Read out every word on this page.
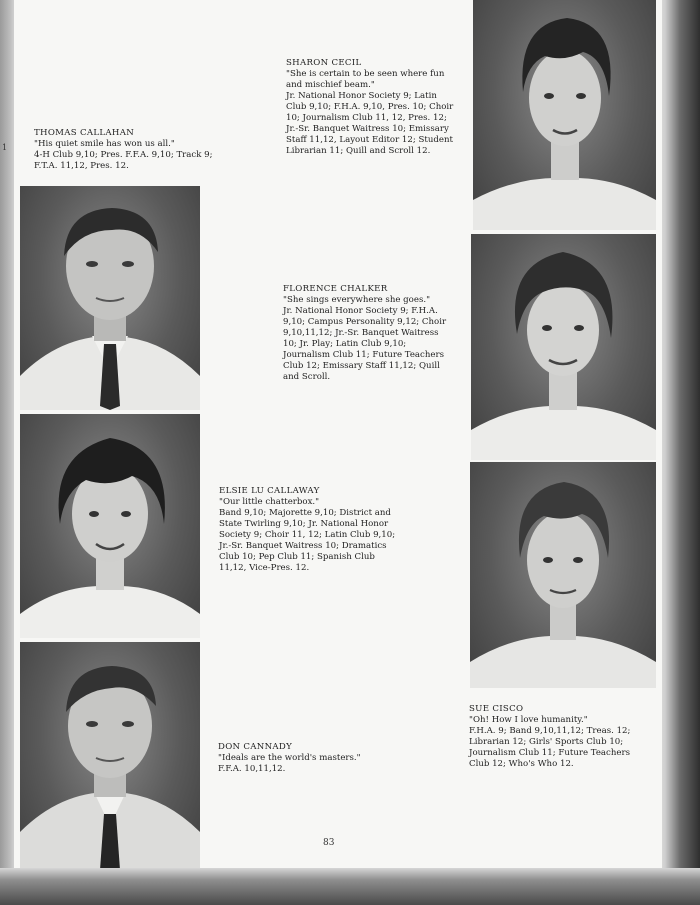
THOMAS CALLAHAN
"His quiet smile has won us all."
4-H Club 9,10; Pres. F.F.A. 9,10; Track 9; F.T.A. 11,12, Pres. 12.
SHARON CECIL
"She is certain to be seen where fun and mischief beam."
Jr. National Honor Society 9; Latin Club 9,10; F.H.A. 9,10, Pres. 10; Choir 10; Journalism Club 11, 12, Pres. 12; Jr.-Sr. Banquet Waitress 10; Emissary Staff 11,12, Layout Editor 12; Student Librarian 11; Quill and Scroll 12.
FLORENCE CHALKER
"She sings everywhere she goes."
Jr. National Honor Society 9; F.H.A. 9,10; Campus Personality 9,12; Choir 9,10,11,12; Jr.-Sr. Banquet Waitress 10; Jr. Play; Latin Club 9,10; Journalism Club 11; Future Teachers Club 12; Emissary Staff 11,12; Quill and Scroll.
ELSIE LU CALLAWAY
"Our little chatterbox."
Band 9,10; Majorette 9,10; District and State Twirling 9,10; Jr. National Honor Society 9; Choir 11, 12; Latin Club 9,10; Jr.-Sr. Banquet Waitress 10; Dramatics Club 10; Pep Club 11; Spanish Club 11,12, Vice-Pres. 12.
DON CANNADY
"Ideals are the world's masters."
F.F.A. 10,11,12.
SUE CISCO
"Oh! How I love humanity."
F.H.A. 9; Band 9,10,11,12; Treas. 12; Librarian 12; Girls' Sports Club 10; Journalism Club 11; Future Teachers Club 12; Who's Who 12.
83
1
